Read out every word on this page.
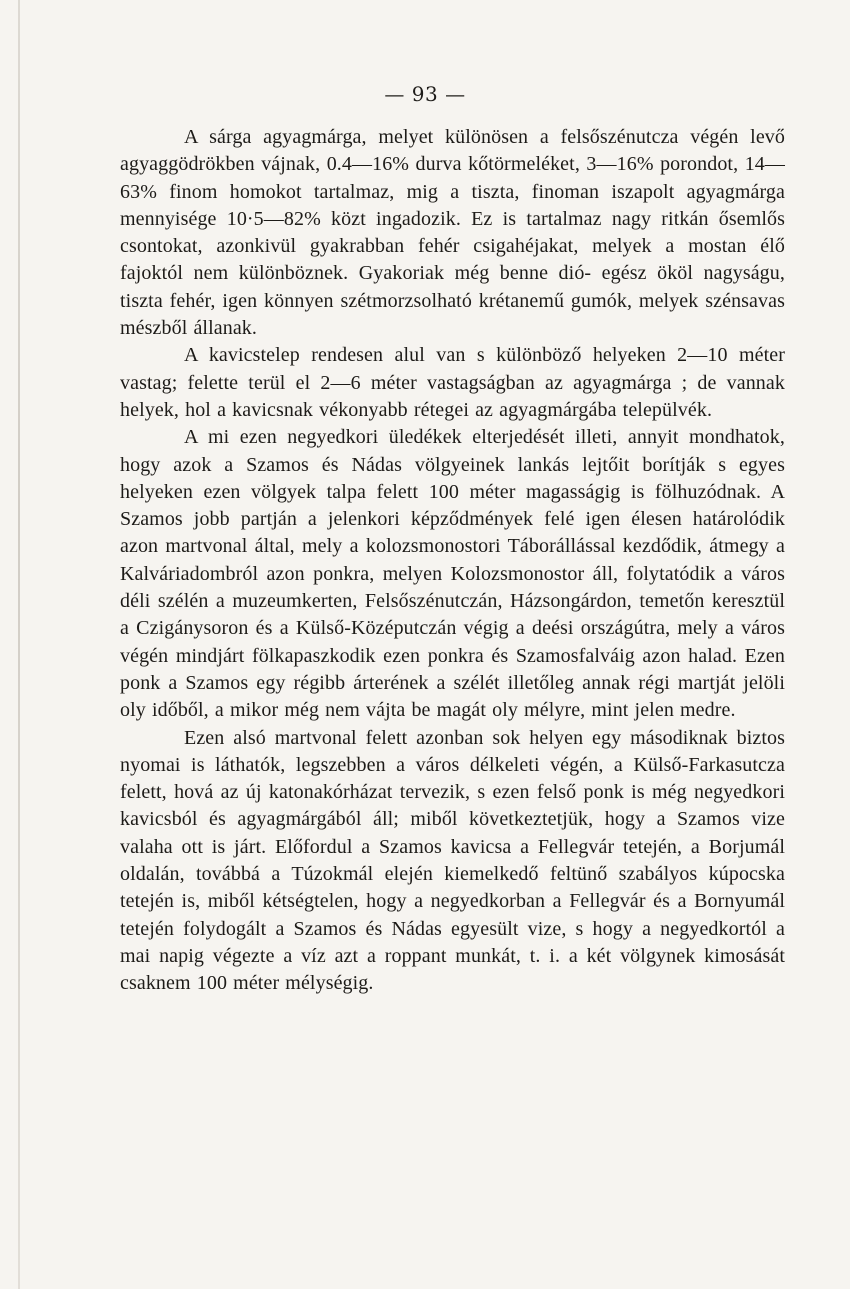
— 93 —

A sárga agyagmárga, melyet különösen a felsőszénutcza végén levő agyaggödrökben vájnak, 0.4—16% durva kőtörmeléket, 3—16% porondot, 14—63% finom homokot tartalmaz, mig a tiszta, finoman iszapolt agyagmárga mennyisége 10·5—82% közt ingadozik. Ez is tartalmaz nagy ritkán ősemlős csontokat, azonkivül gyakrabban fehér csigahéjakat, melyek a mostan élő fajoktól nem különböznek. Gyakoriak még benne dió- egész ököl nagyságu, tiszta fehér, igen könnyen szétmorzsolható krétanemű gumók, melyek szénsavas mészből állanak.

A kavicstelep rendesen alul van s különböző helyeken 2—10 méter vastag; felette terül el 2—6 méter vastagságban az agyagmárga ; de vannak helyek, hol a kavicsnak vékonyabb rétegei az agyagmárgába települvék.

A mi ezen negyedkori üledékek elterjedését illeti, annyit mondhatok, hogy azok a Szamos és Nádas völgyeinek lankás lejtőit borítják s egyes helyeken ezen völgyek talpa felett 100 méter magasságig is fölhuzódnak. A Szamos jobb partján a jelenkori képződmények felé igen élesen határolódik azon martvonal által, mely a kolozsmonostori Táborállással kezdődik, átmegy a Kalváriadombról azon ponkra, melyen Kolozsmonostor áll, folytatódik a város déli szélén a muzeumkerten, Felsőszénutczán, Házsongárdon, temetőn keresztül a Czigánysoron és a Külső-Középutczán végig a deési országútra, mely a város végén mindjárt fölkapaszkodik ezen ponkra és Szamosfalváig azon halad. Ezen ponk a Szamos egy régibb árterének a szélét illetőleg annak régi martját jelöli oly időből, a mikor még nem vájta be magát oly mélyre, mint jelen medre.

Ezen alsó martvonal felett azonban sok helyen egy másodiknak biztos nyomai is láthatók, legszebben a város délkeleti végén, a Külső-Farkasutcza felett, hová az új katonakórházat tervezik, s ezen felső ponk is még negyedkori kavicsból és agyagmárgából áll; miből következtetjük, hogy a Szamos vize valaha ott is járt. Előfordul a Szamos kavicsa a Fellegvár tetején, a Borjumál oldalán, továbbá a Túzokmál elején kiemelkedő feltünő szabályos kúpocska tetején is, miből kétségtelen, hogy a negyedkorban a Fellegvár és a Bornyumál tetején folydogált a Szamos és Nádas egyesült vize, s hogy a negyedkortól a mai napig végezte a víz azt a roppant munkát, t. i. a két völgynek kimosását csaknem 100 méter mélységig.
